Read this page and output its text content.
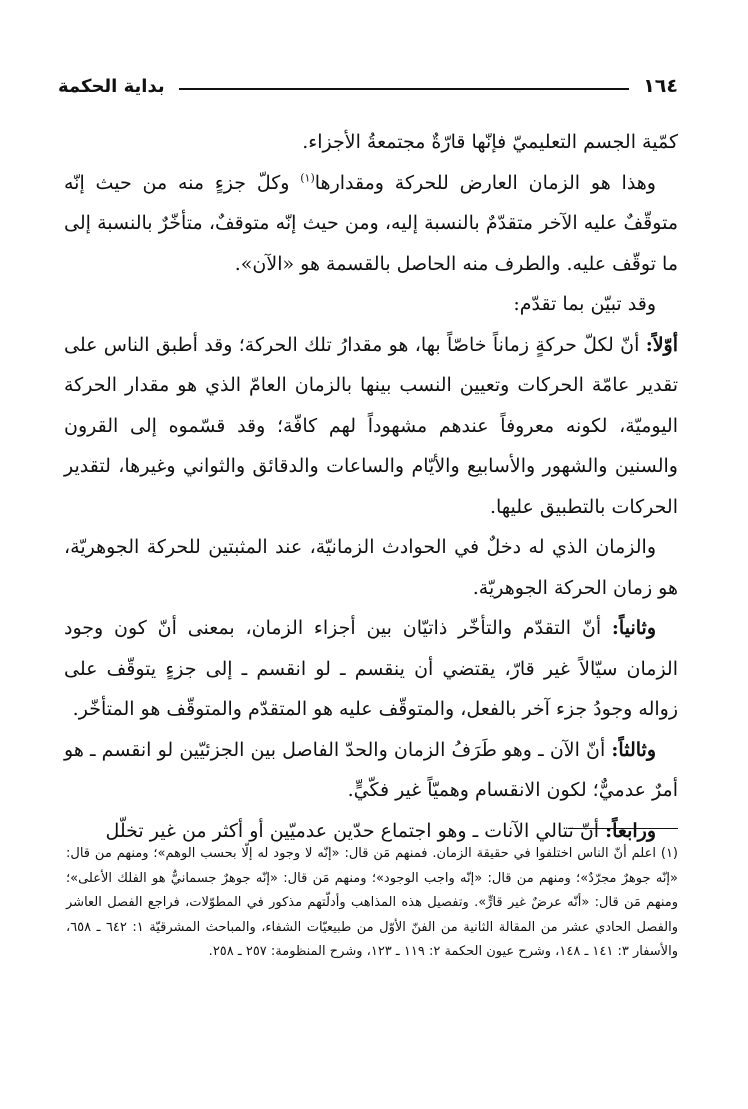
١٦٤
بداية الحكمة

كمّية الجسم التعليميّ فإنّها قارّةٌ مجتمعةُ الأجزاء.

وهذا هو الزمان العارض للحركة ومقدارها$^{(١)}$ وكلّ جزءٍ منه من حيث إنّه متوقّفٌ عليه الآخر متقدّمٌ بالنسبة إليه، ومن حيث إنّه متوقفٌ، متأخّرٌ بالنسبة إلى ما توقّف عليه. والطرف منه الحاصل بالقسمة هو «الآن».

وقد تبيّن بما تقدّم:

أوّلاً: أنّ لكلّ حركةٍ زماناً خاصّاً بها، هو مقدارُ تلك الحركة؛ وقد أطبق الناس على تقدير عامّة الحركات وتعيين النسب بينها بالزمان العامّ الذي هو مقدار الحركة اليوميّة، لكونه معروفاً عندهم مشهوداً لهم كافّة؛ وقد قسّموه إلى القرون والسنين والشهور والأسابيع والأيّام والساعات والدقائق والثواني وغيرها، لتقدير الحركات بالتطبيق عليها.

والزمان الذي له دخلٌ في الحوادث الزمانيّة، عند المثبتين للحركة الجوهريّة، هو زمان الحركة الجوهريّة.

وثانياً: أنّ التقدّم والتأخّر ذاتيّان بين أجزاء الزمان، بمعنى أنّ كون وجود الزمان سيّالاً غير قارّ، يقتضي أن ينقسم ـ لو انقسم ـ إلى جزءٍ يتوقّف على زواله وجودُ جزء آخر بالفعل، والمتوقّف عليه هو المتقدّم والمتوقّف هو المتأخّر.

وثالثاً: أنّ الآن ـ وهو طَرَفُ الزمان والحدّ الفاصل بين الجزئيّين لو انقسم ـ هو أمرٌ عدميٌّ؛ لكون الانقسام وهميّاً غير فكّيٍّ.

ورابعاً: أنّ تتالي الآنات ـ وهو اجتماع حدّين عدميّين أو أكثر من غير تخلّل

(١) اعلم أنّ الناس اختلفوا في حقيقة الزمان. فمنهم مَن قال: «إنّه لا وجود له إلّا بحسب الوهم»؛ ومنهم من قال: «إنّه جوهرٌ مجرّدٌ»؛ ومنهم من قال: «إنّه واجب الوجود»؛ ومنهم مَن قال: «إنّه جوهرٌ جسمانيٌّ هو الفلك الأعلى»؛ ومنهم مَن قال: «أنّه عرضٌ غير قارٍّ». وتفصيل هذه المذاهب وأدلّتهم مذكور في المطوّلات، فراجع الفصل العاشر والفصل الحادي عشر من المقالة الثانية من الفنّ الأوّل من طبيعيّات الشفاء، والمباحث المشرقيّة ١: ٦٤٢ ـ ٦٥٨، والأسفار ٣: ١٤١ ـ ١٤٨، وشرح عيون الحكمة ٢: ١١٩ ـ ١٢٣، وشرح المنظومة: ٢٥٧ ـ ٢٥٨.
